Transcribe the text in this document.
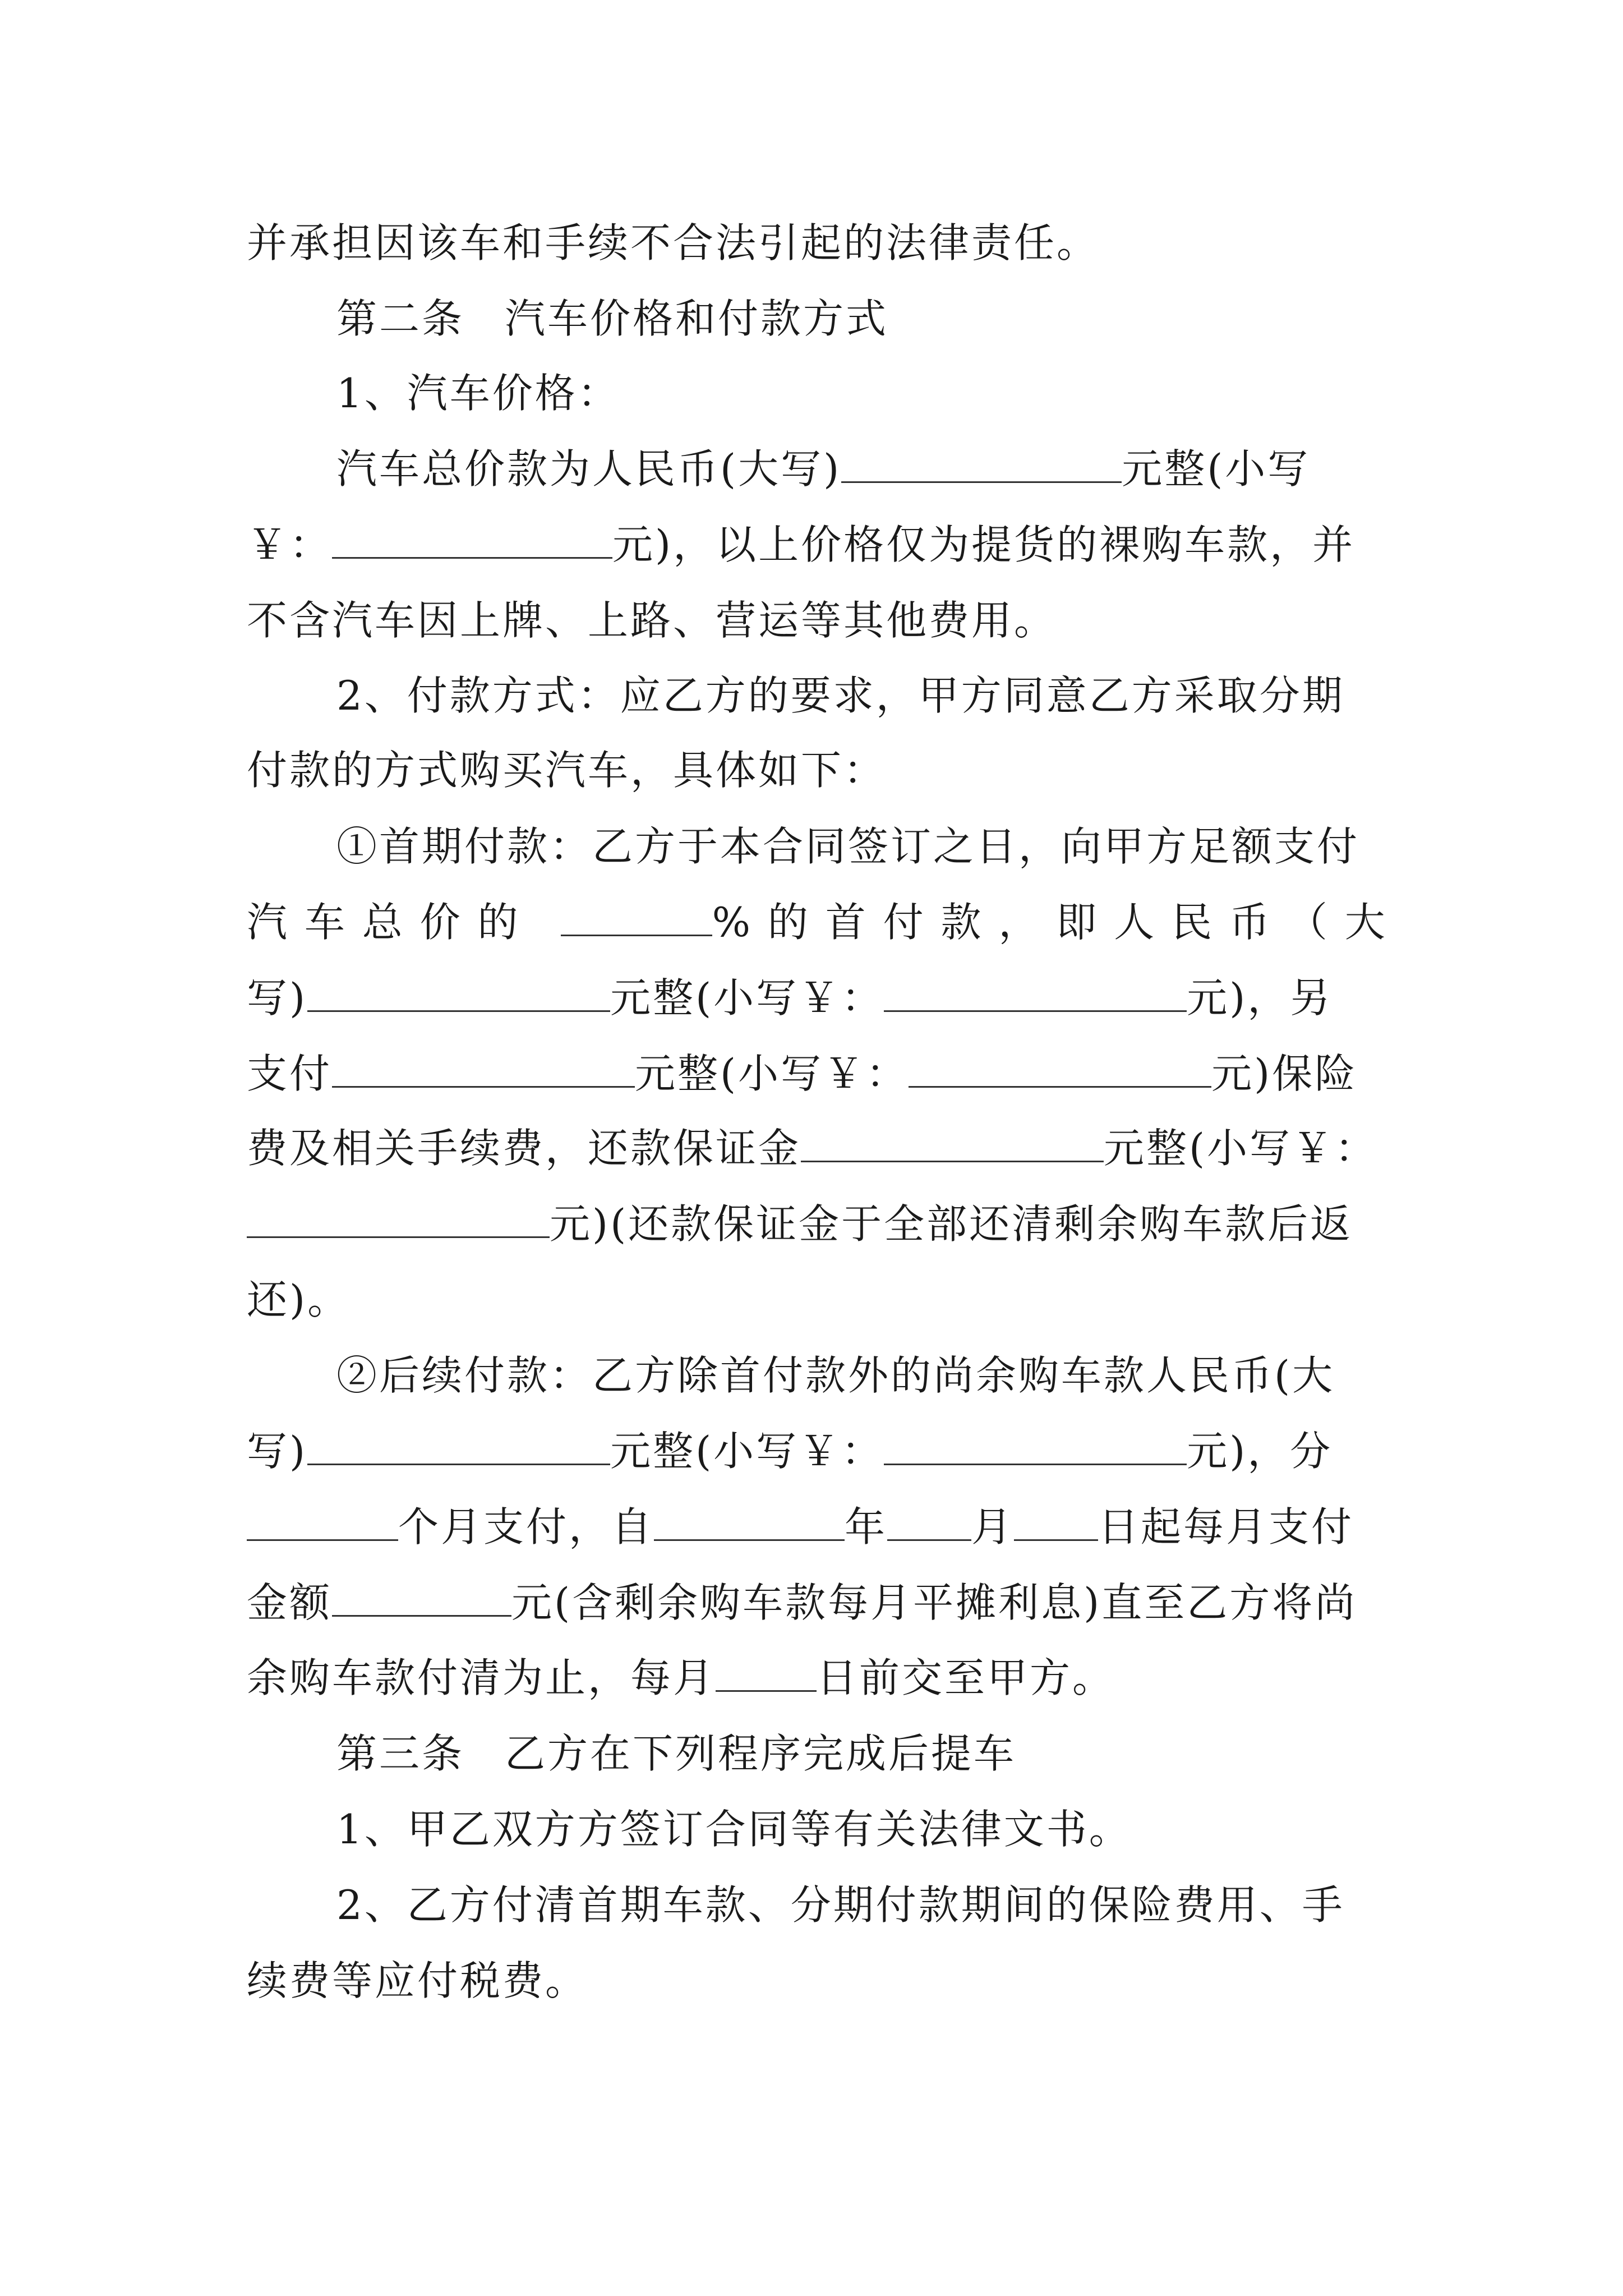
并承担因该车和手续不合法引起的法律责任。
第二条 汽车价格和付款方式
1、汽车价格：
汽车总价款为人民币(大写)	元整(小写
￥：	元)，以上价格仅为提货的裸购车款，并
不含汽车因上牌、上路、营运等其他费用。
2、付款方式：应乙方的要求，甲方同意乙方采取分期
付款的方式购买汽车，具体如下：
①首期付款：乙方于本合同签订之日，向甲方足额支付
汽 车 总 价 的	% 的 首 付 款 ， 即 人 民 币 （ 大
写)	元整(小写￥：	元)，另
支付	元整(小写￥：	元)保险
费及相关手续费，还款保证金	元整(小写￥：
元)(还款保证金于全部还清剩余购车款后返
还)。
②后续付款：乙方除首付款外的尚余购车款人民币(大
写)	元整(小写￥：	元)，分
个月支付，自	年 月 日起每月支付
金额	元(含剩余购车款每月平摊利息)直至乙方将尚
余购车款付清为止，每月	日前交至甲方。
第三条 乙方在下列程序完成后提车
1、甲乙双方方签订合同等有关法律文书。
2、乙方付清首期车款、分期付款期间的保险费用、手
续费等应付税费。
